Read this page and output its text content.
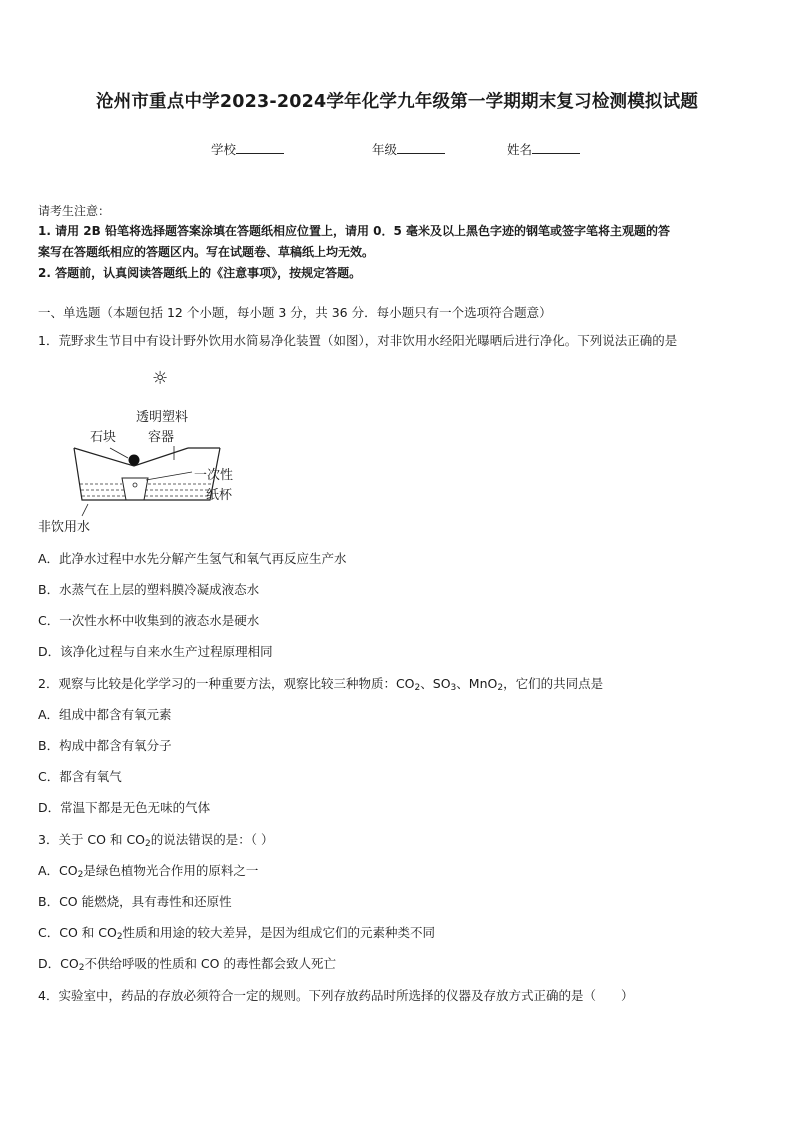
沧州市重点中学2023-2024学年化学九年级第一学期期末复习检测模拟试题
学校	年级	姓名
请考生注意：
1. 请用 2B 铅笔将选择题答案涂填在答题纸相应位置上，请用 0．5 毫米及以上黑色字迹的钢笔或签字笔将主观题的答
案写在答题纸相应的答题区内。写在试题卷、草稿纸上均无效。
2. 答题前，认真阅读答题纸上的《注意事项》，按规定答题。
一、单选题（本题包括 12 个小题，每小题 3 分，共 36 分．每小题只有一个选项符合题意）
1．荒野求生节目中有设计野外饮用水简易净化装置（如图），对非饮用水经阳光曝晒后进行净化。下列说法正确的是
☼
透明塑料
容器
石块
一次性
纸杯
非饮用水
A．此净水过程中水先分解产生氢气和氧气再反应生产水
B．水蒸气在上层的塑料膜冷凝成液态水
C．一次性水杯中收集到的液态水是硬水
D．该净化过程与自来水生产过程原理相同
2．观察与比较是化学学习的一种重要方法，观察比较三种物质：$CO_2$、$SO_3$、MnO$_2$，它们的共同点是
A．组成中都含有氧元素
B．构成中都含有氧分子
C．都含有氧气
D．常温下都是无色无味的气体
3．关于 CO 和 $CO_2$的说法错误的是：（ ）
A．$CO_2$是绿色植物光合作用的原料之一
B．CO 能燃烧，具有毒性和还原性
C．CO 和 $CO_2$性质和用途的较大差异，是因为组成它们的元素种类不同
D．$CO_2$不供给呼吸的性质和 CO 的毒性都会致人死亡
4．实验室中，药品的存放必须符合一定的规则。下列存放药品时所选择的仪器及存放方式正确的是（　　）
